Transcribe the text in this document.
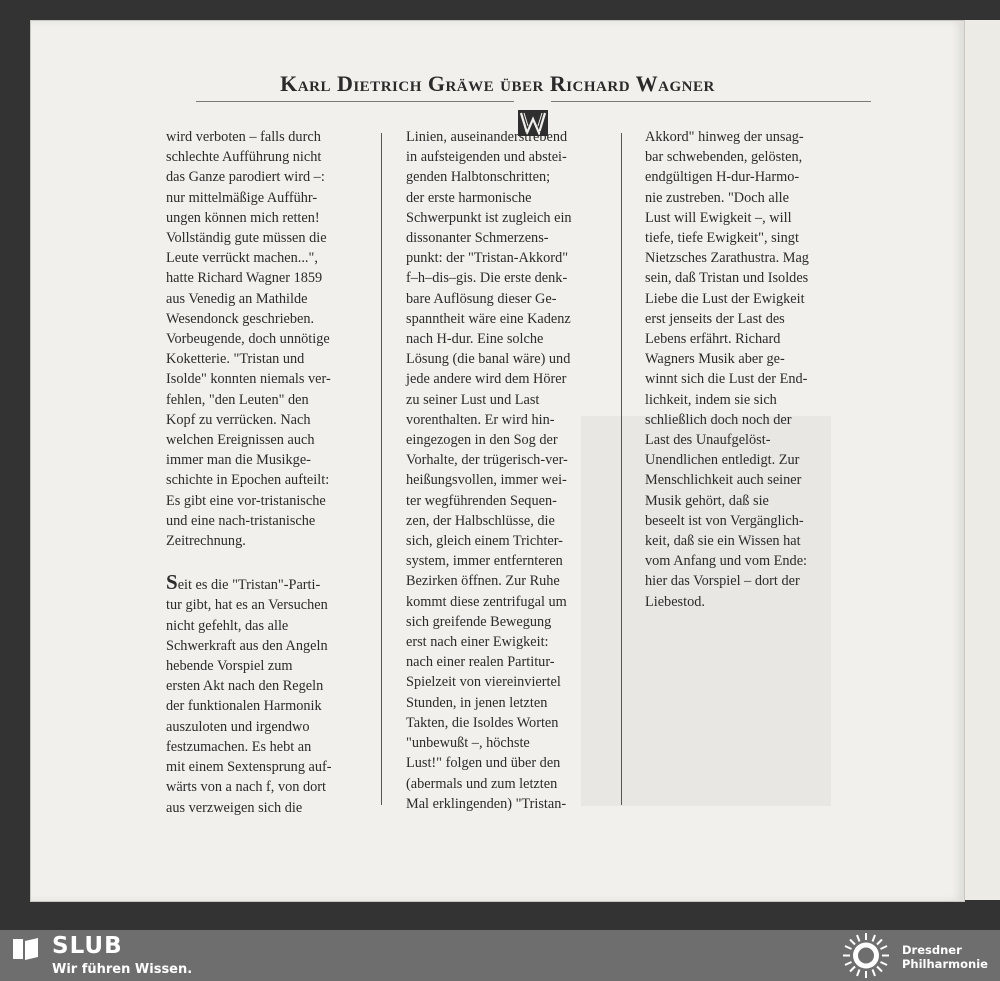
Karl Dietrich Gräwe über Richard Wagner

wird verboten – falls durch
schlechte Aufführung nicht
das Ganze parodiert wird –:
nur mittelmäßige Aufführ-
ungen können mich retten!
Vollständig gute müssen die
Leute verrückt machen...",
hatte Richard Wagner 1859
aus Venedig an Mathilde
Wesendonck geschrieben.
Vorbeugende, doch unnötige
Koketterie. "Tristan und
Isolde" konnten niemals ver-
fehlen, "den Leuten" den
Kopf zu verrücken. Nach
welchen Ereignissen auch
immer man die Musikge-
schichte in Epochen aufteilt:
Es gibt eine vor-tristanische
und eine nach-tristanische
Zeitrechnung.

Seit es die "Tristan"-Parti-
tur gibt, hat es an Versuchen
nicht gefehlt, das alle
Schwerkraft aus den Angeln
hebende Vorspiel zum
ersten Akt nach den Regeln
der funktionalen Harmonik
auszuloten und irgendwo
festzumachen. Es hebt an
mit einem Sextensprung auf-
wärts von a nach f, von dort
aus verzweigen sich die

Linien, auseinanderstrebend
in aufsteigenden und abstei-
genden Halbtonschritten;
der erste harmonische
Schwerpunkt ist zugleich ein
dissonanter Schmerzens-
punkt: der "Tristan-Akkord"
f–h–dis–gis. Die erste denk-
bare Auflösung dieser Ge-
spanntheit wäre eine Kadenz
nach H-dur. Eine solche
Lösung (die banal wäre) und
jede andere wird dem Hörer
zu seiner Lust und Last
vorenthalten. Er wird hin-
eingezogen in den Sog der
Vorhalte, der trügerisch-ver-
heißungsvollen, immer wei-
ter wegführenden Sequen-
zen, der Halbschlüsse, die
sich, gleich einem Trichter-
system, immer entfernteren
Bezirken öffnen. Zur Ruhe
kommt diese zentrifugal um
sich greifende Bewegung
erst nach einer Ewigkeit:
nach einer realen Partitur-
Spielzeit von viereinviertel
Stunden, in jenen letzten
Takten, die Isoldes Worten
"unbewußt –, höchste
Lust!" folgen und über den
(abermals und zum letzten
Mal erklingenden) "Tristan-

Akkord" hinweg der unsag-
bar schwebenden, gelösten,
endgültigen H-dur-Harmo-
nie zustreben. "Doch alle
Lust will Ewigkeit –, will
tiefe, tiefe Ewigkeit", singt
Nietzsches Zarathustra. Mag
sein, daß Tristan und Isoldes
Liebe die Lust der Ewigkeit
erst jenseits der Last des
Lebens erfährt. Richard
Wagners Musik aber ge-
winnt sich die Lust der End-
lichkeit, indem sie sich
schließlich doch noch der
Last des Unaufgelöst-
Unendlichen entledigt. Zur
Menschlichkeit auch seiner
Musik gehört, daß sie
beseelt ist von Vergänglich-
keit, daß sie ein Wissen hat
vom Anfang und vom Ende:
hier das Vorspiel – dort der
Liebestod.

SLUB
Wir führen Wissen.
Dresdner
Philharmonie
